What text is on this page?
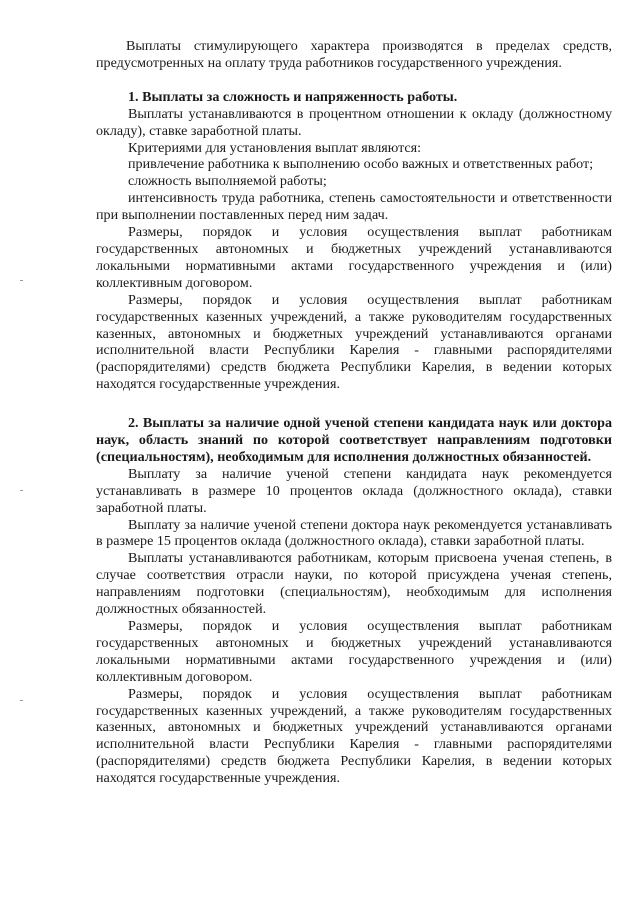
Выплаты стимулирующего характера производятся в пределах средств, предусмотренных на оплату труда работников государственного учреждения.

1. Выплаты за сложность и напряженность работы.

Выплаты устанавливаются в процентном отношении к окладу (должностному окладу), ставке заработной платы.

Критериями для установления выплат являются:

привлечение работника к выполнению особо важных и ответственных работ;

сложность выполняемой работы;

интенсивность труда работника, степень самостоятельности и ответственности при выполнении поставленных перед ним задач.

Размеры, порядок и условия осуществления выплат работникам государственных автономных и бюджетных учреждений устанавливаются локальными нормативными актами государственного учреждения и (или) коллективным договором.

Размеры, порядок и условия осуществления выплат работникам государственных казенных учреждений, а также руководителям государственных казенных, автономных и бюджетных учреждений устанавливаются органами исполнительной власти Республики Карелия - главными распорядителями (распорядителями) средств бюджета Республики Карелия, в ведении которых находятся государственные учреждения.

2. Выплаты за наличие одной ученой степени кандидата наук или доктора наук, область знаний по которой соответствует направлениям подготовки (специальностям), необходимым для исполнения должностных обязанностей.

Выплату за наличие ученой степени кандидата наук рекомендуется устанавливать в размере 10 процентов оклада (должностного оклада), ставки заработной платы.

Выплату за наличие ученой степени доктора наук рекомендуется устанавливать в размере 15 процентов оклада (должностного оклада), ставки заработной платы.

Выплаты устанавливаются работникам, которым присвоена ученая степень, в случае соответствия отрасли науки, по которой присуждена ученая степень, направлениям подготовки (специальностям), необходимым для исполнения должностных обязанностей.

Размеры, порядок и условия осуществления выплат работникам государственных автономных и бюджетных учреждений устанавливаются локальными нормативными актами государственного учреждения и (или) коллективным договором.

Размеры, порядок и условия осуществления выплат работникам государственных казенных учреждений, а также руководителям государственных казенных, автономных и бюджетных учреждений устанавливаются органами исполнительной власти Республики Карелия - главными распорядителями (распорядителями) средств бюджета Республики Карелия, в ведении которых находятся государственные учреждения.
